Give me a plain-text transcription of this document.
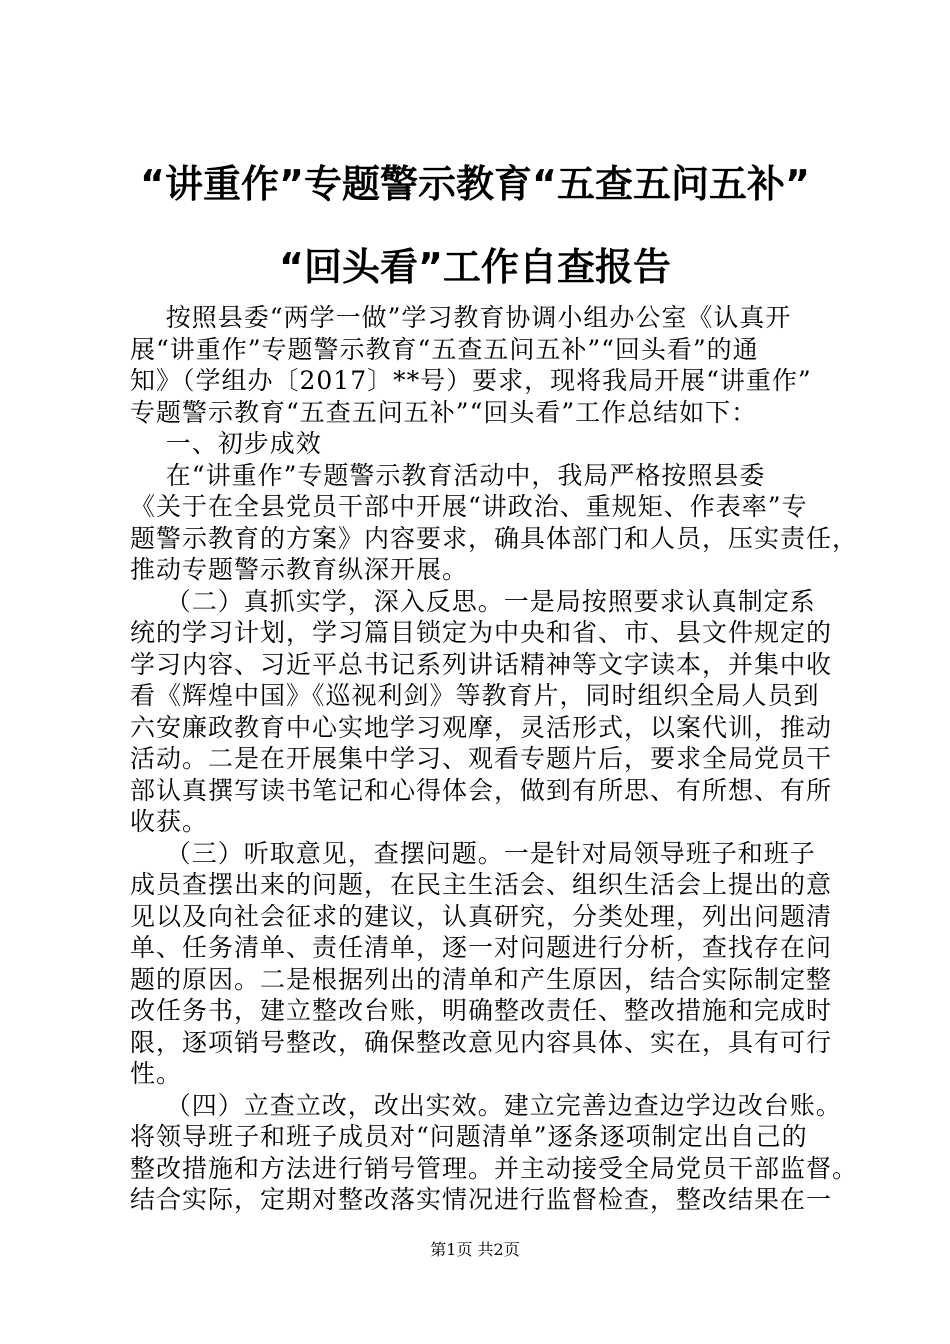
“讲重作”专题警示教育“五查五问五补”
“回头看”工作自查报告
按照县委“两学一做”学习教育协调小组办公室《认真开
展“讲重作”专题警示教育“五查五问五补”“回头看”的通
知》（学组办〔2017〕**号）要求，现将我局开展“讲重作”
专题警示教育“五查五问五补”“回头看”工作总结如下：
一、初步成效
在“讲重作”专题警示教育活动中，我局严格按照县委
《关于在全县党员干部中开展“讲政治、重规矩、作表率”专
题警示教育的方案》内容要求，确具体部门和人员，压实责任，
推动专题警示教育纵深开展。
（二）真抓实学，深入反思。一是局按照要求认真制定系
统的学习计划，学习篇目锁定为中央和省、市、县文件规定的
学习内容、习近平总书记系列讲话精神等文字读本，并集中收
看《辉煌中国》《巡视利剑》等教育片，同时组织全局人员到
六安廉政教育中心实地学习观摩，灵活形式，以案代训，推动
活动。二是在开展集中学习、观看专题片后，要求全局党员干
部认真撰写读书笔记和心得体会，做到有所思、有所想、有所
收获。
（三）听取意见，查摆问题。一是针对局领导班子和班子
成员查摆出来的问题，在民主生活会、组织生活会上提出的意
见以及向社会征求的建议，认真研究，分类处理，列出问题清
单、任务清单、责任清单，逐一对问题进行分析，查找存在问
题的原因。二是根据列出的清单和产生原因，结合实际制定整
改任务书，建立整改台账，明确整改责任、整改措施和完成时
限，逐项销号整改，确保整改意见内容具体、实在，具有可行
性。
（四）立查立改，改出实效。建立完善边查边学边改台账。
将领导班子和班子成员对“问题清单”逐条逐项制定出自己的
整改措施和方法进行销号管理。并主动接受全局党员干部监督。
结合实际，定期对整改落实情况进行监督检查，整改结果在一
第1页 共2页
